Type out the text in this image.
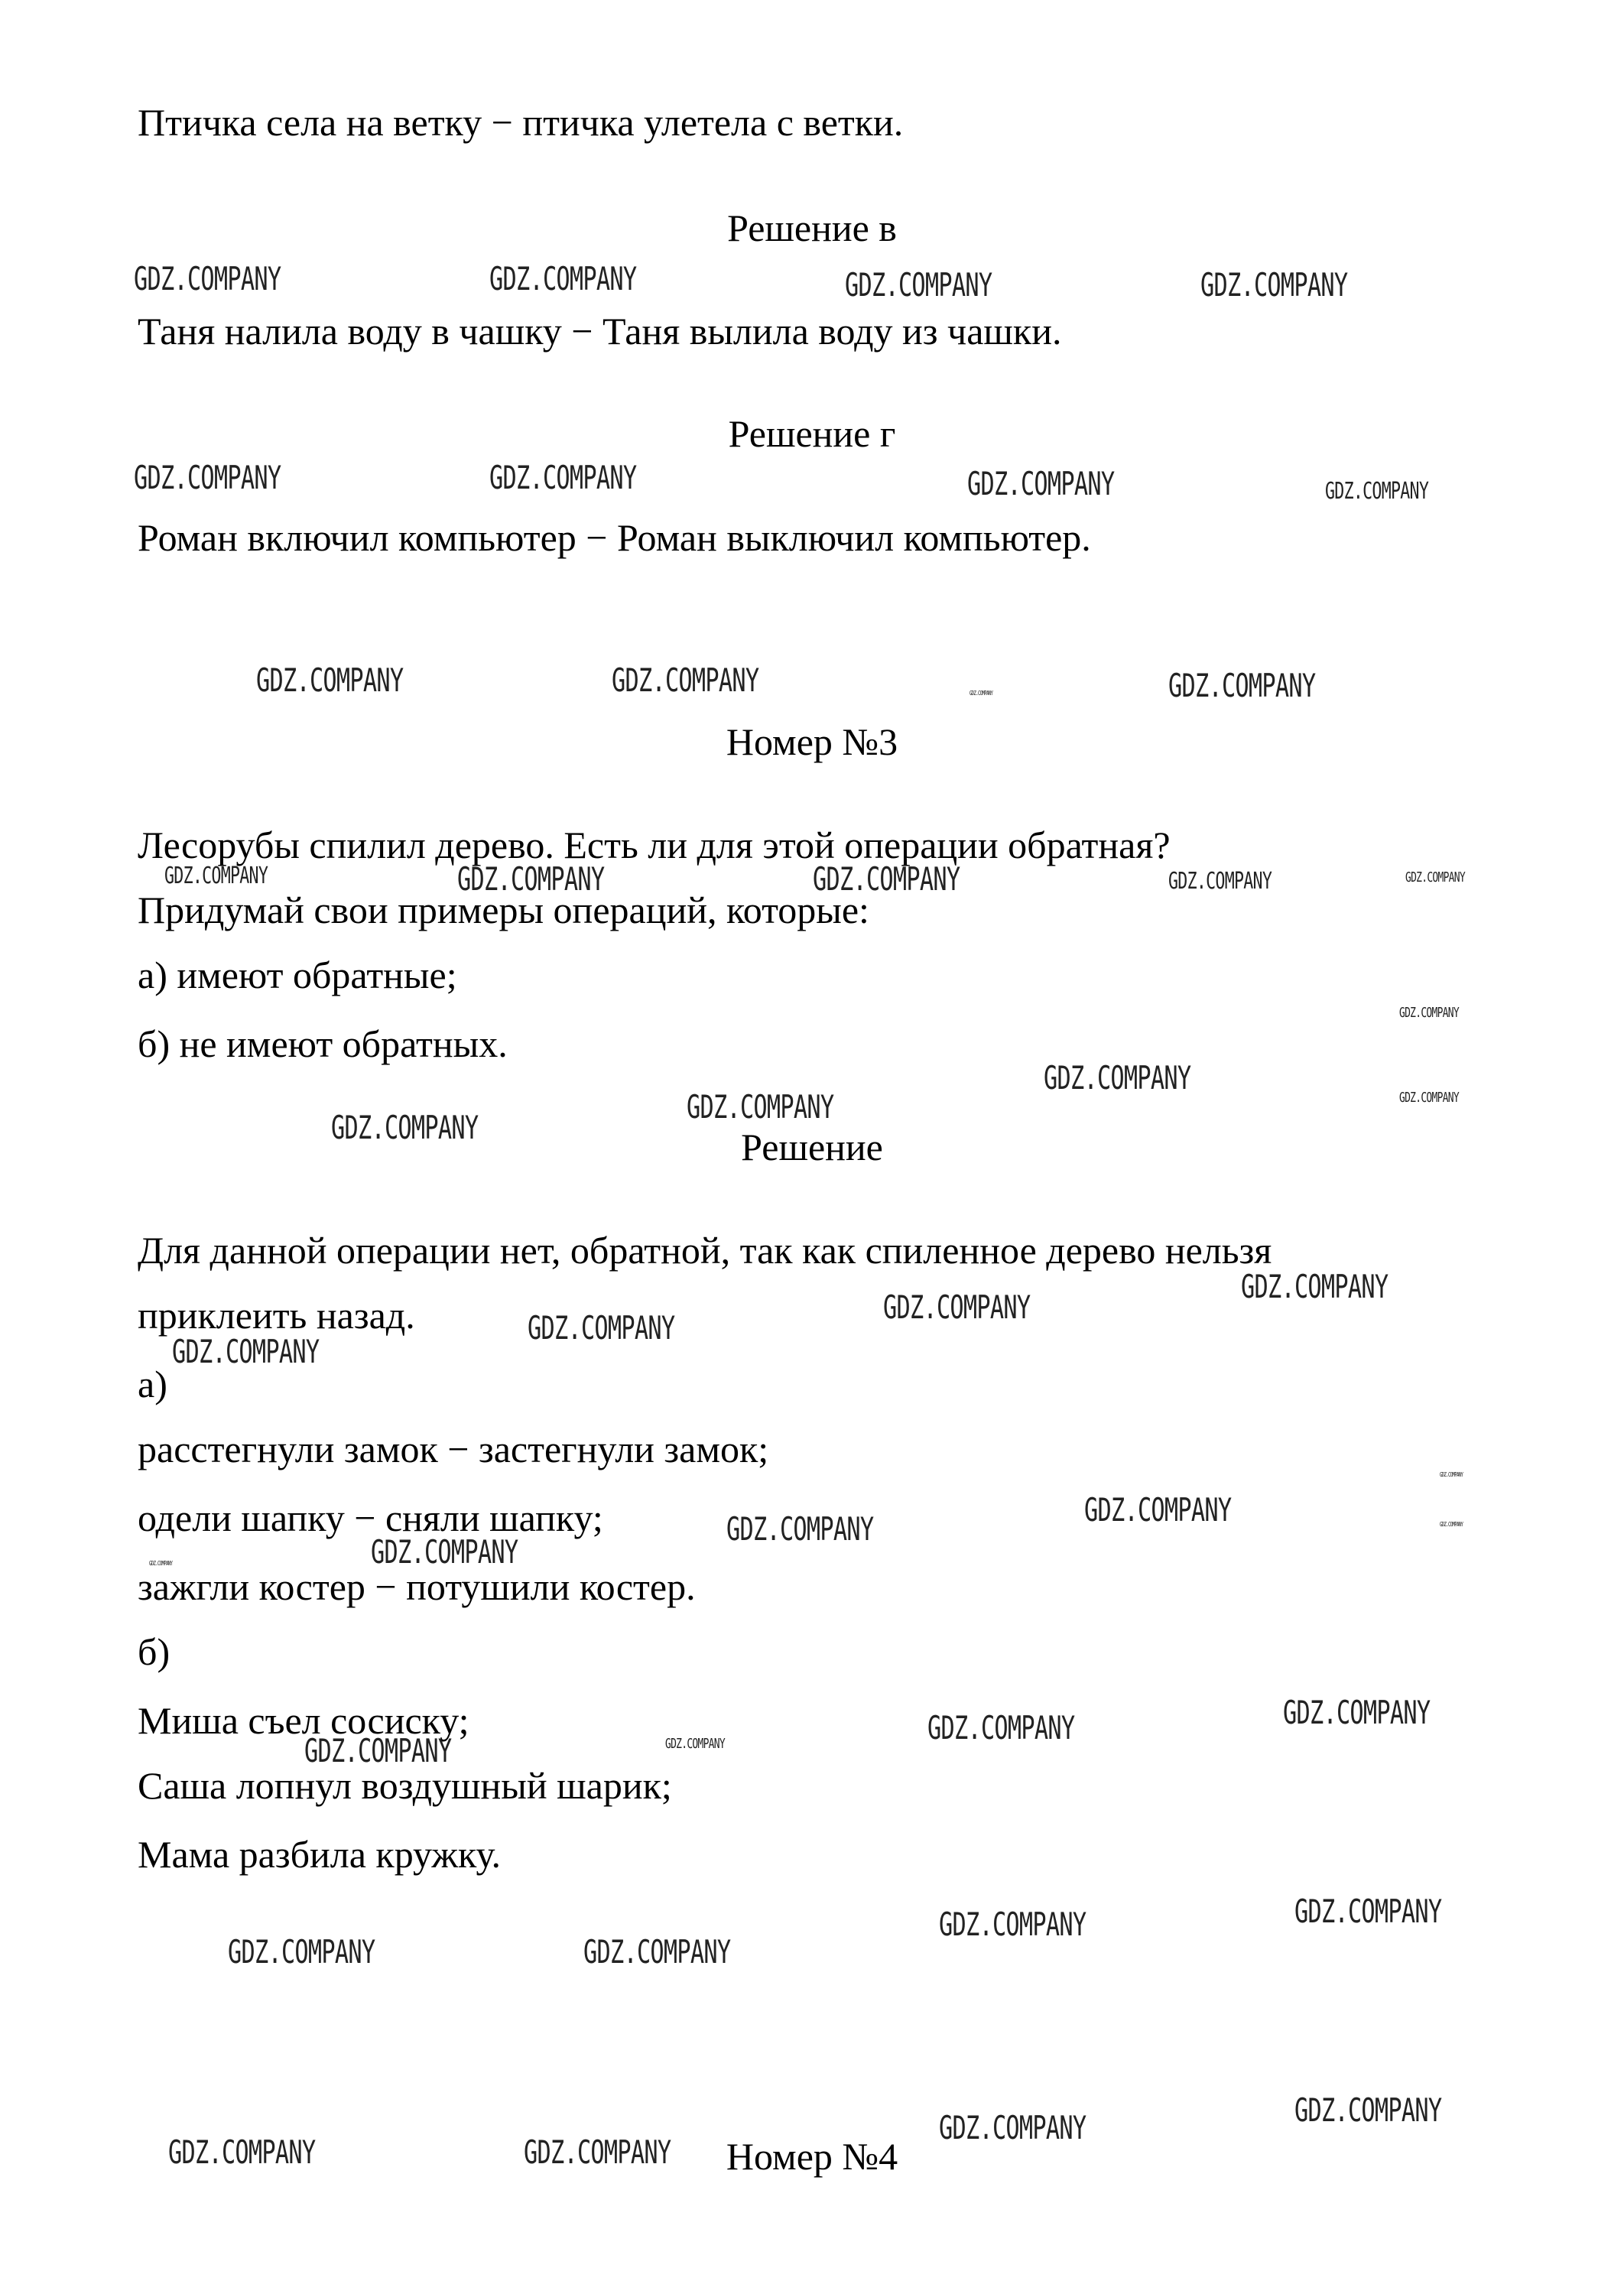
Птичка села на ветку − птичка улетела с ветки.
Решение в
Таня налила воду в чашку − Таня вылила воду из чашки.
Решение г
Роман включил компьютер − Роман выключил компьютер.
Номер №3
Лесорубы спилил дерево. Есть ли для этой операции обратная?
Придумай свои примеры операций, которые:
а) имеют обратные;
б) не имеют обратных.
Решение
Для данной операции нет, обратной, так как спиленное дерево нельзя
приклеить назад.
а)
расстегнули замок − застегнули замок;
одели шапку − сняли шапку;
зажгли костер − потушили костер.
б)
Миша съел сосиску;
Саша лопнул воздушный шарик;
Мама разбила кружку.
Номер №4
GDZ.COMPANY	GDZ.COMPANY	GDZ.COMPANY	GDZ.COMPANY
GDZ.COMPANY	GDZ.COMPANY	GDZ.COMPANY	GDZ.COMPANY
GDZ.COMPANY	GDZ.COMPANY	GDZ.COMPANY	GDZ.COMPANY
GDZ.COMPANY	GDZ.COMPANY	GDZ.COMPANY	GDZ.COMPANY	GDZ.COMPANY
GDZ.COMPANY
GDZ.COMPANY
GDZ.COMPANY
GDZ.COMPANY
GDZ.COMPANY
GDZ.COMPANY
GDZ.COMPANY
GDZ.COMPANY
GDZ.COMPANY
GDZ.COMPANY
GDZ.COMPANY	GDZ.COMPANY
GDZ.COMPANY
GDZ.COMPANY
GDZ.COMPANY
GDZ.COMPANY
GDZ.COMPANY
GDZ.COMPANY
GDZ.COMPANY
GDZ.COMPANY
GDZ.COMPANY
GDZ.COMPANY
GDZ.COMPANY
GDZ.COMPANY
GDZ.COMPANY
GDZ.COMPANY
GDZ.COMPANY
